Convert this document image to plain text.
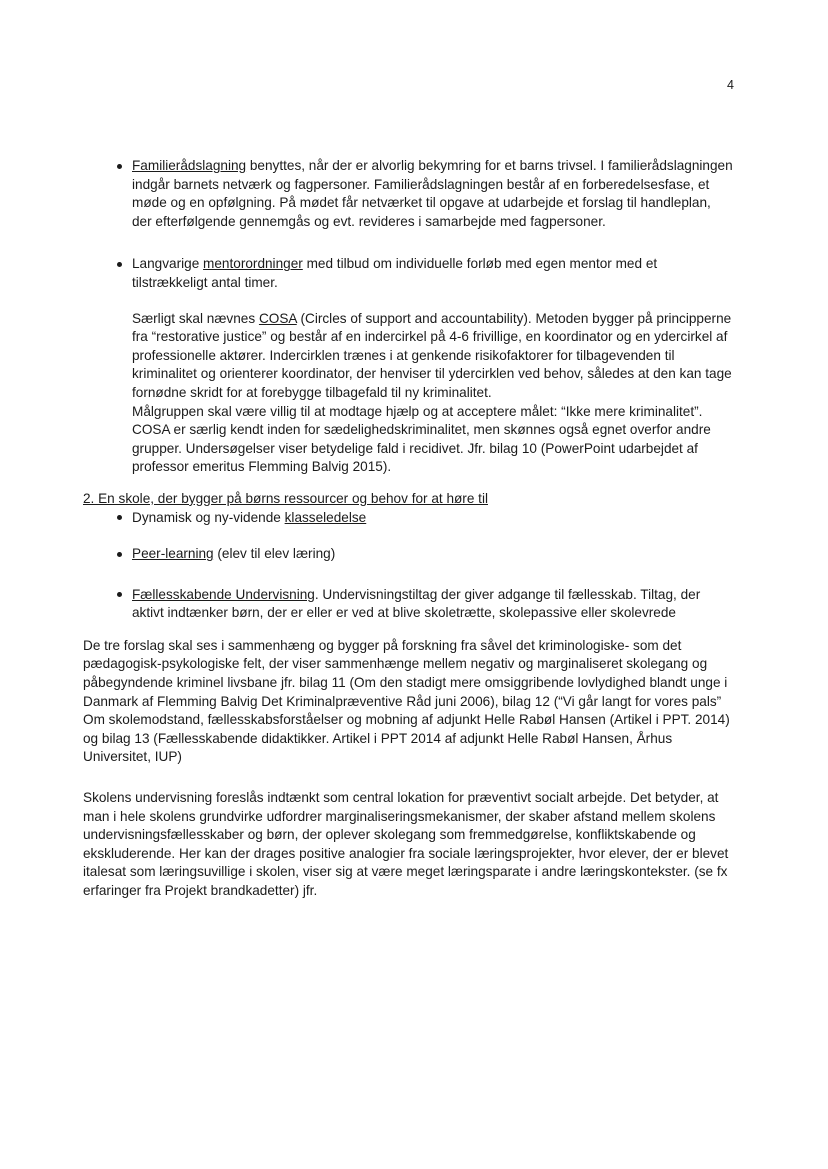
4
Familierådslagning benyttes, når der er alvorlig bekymring for et barns trivsel. I familierådslagningen indgår barnets netværk og fagpersoner. Familierådslagningen består af en forberedelsesfase, et møde og en opfølgning. På mødet får netværket til opgave at udarbejde et forslag til handleplan, der efterfølgende gennemgås og evt. revideres i samarbejde med fagpersoner.
Langvarige mentorordninger med tilbud om individuelle forløb med egen mentor med et tilstrækkeligt antal timer.
Særligt skal nævnes COSA (Circles of support and accountability). Metoden bygger på principperne fra “restorative justice” og består af en indercirkel på 4-6 frivillige, en koordinator og en ydercirkel af professionelle aktører. Indercirklen trænes i at genkende risikofaktorer for tilbagevenden til kriminalitet og orienterer koordinator, der henviser til ydercirklen ved behov, således at den kan tage fornødne skridt for at forebygge tilbagefald til ny kriminalitet.
Målgruppen skal være villig til at modtage hjælp og at acceptere målet: “Ikke mere kriminalitet”. COSA er særlig kendt inden for sædelighedskriminalitet, men skønnes også egnet overfor andre grupper. Undersøgelser viser betydelige fald i recidivet. Jfr. bilag 10 (PowerPoint udarbejdet af professor emeritus Flemming Balvig 2015).
2. En skole, der bygger på børns ressourcer og behov for at høre til
Dynamisk og ny-vidende klasseledelse
Peer-learning (elev til elev læring)
Fællesskabende Undervisning. Undervisningstiltag der giver adgange til fællesskab. Tiltag, der aktivt indtænker børn, der er eller er ved at blive skoletrætte, skolepassive eller skolevrede

De tre forslag skal ses i sammenhæng og bygger på forskning fra såvel det kriminologiske- som det pædagogisk-psykologiske felt, der viser sammenhænge mellem negativ og marginaliseret skolegang og påbegyndende kriminel livsbane jfr. bilag 11 (Om den stadigt mere omsiggribende lovlydighed blandt unge i Danmark af Flemming Balvig Det Kriminalpræventive Råd juni 2006), bilag 12 (“Vi går langt for vores pals” Om skolemodstand, fællesskabsforståelser og mobning af adjunkt Helle Rabøl Hansen (Artikel i PPT. 2014) og bilag 13 (Fællesskabende didaktikker. Artikel i PPT 2014 af adjunkt Helle Rabøl Hansen, Århus Universitet, IUP)

Skolens undervisning foreslås indtænkt som central lokation for præventivt socialt arbejde. Det betyder, at man i hele skolens grundvirke udfordrer marginaliseringsmekanismer, der skaber afstand mellem skolens undervisningsfællesskaber og børn, der oplever skolegang som fremmedgørelse, konfliktskabende og ekskluderende. Her kan der drages positive analogier fra sociale læringsprojekter, hvor elever, der er blevet italesat som læringsuvillige i skolen, viser sig at være meget læringsparate i andre læringskontekster. (se fx erfaringer fra Projekt brandkadetter) jfr.
